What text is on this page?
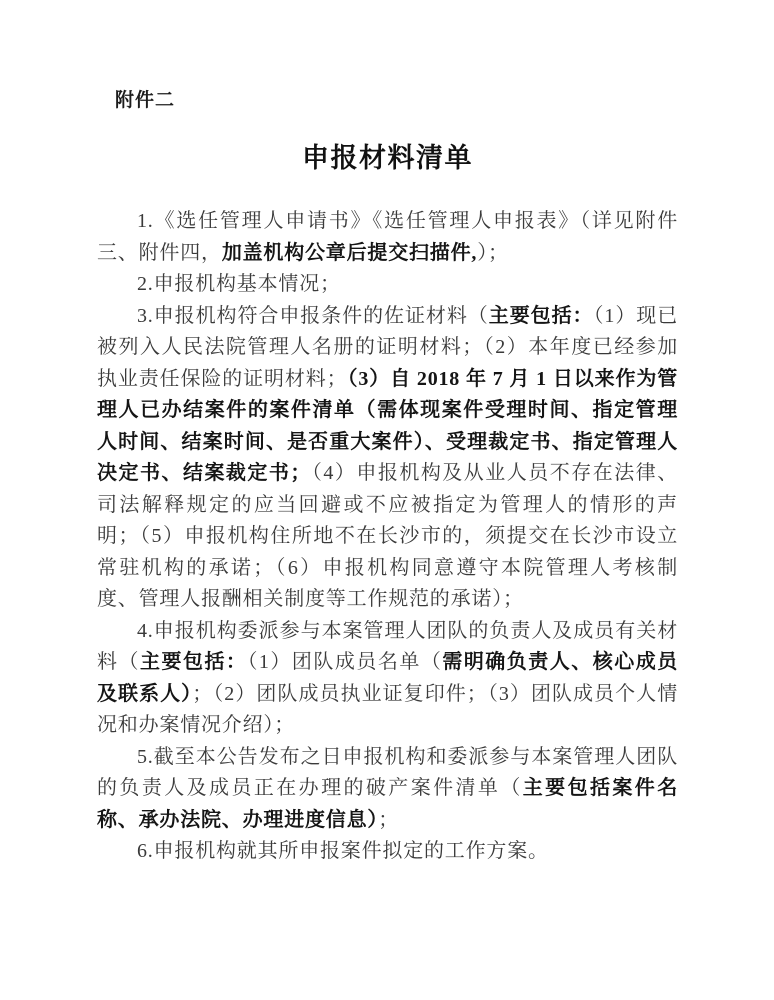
附件二
申报材料清单

1.《选任管理人申请书》《选任管理人申报表》（详见附件三、附件四，加盖机构公章后提交扫描件,）；

2.申报机构基本情况；

3.申报机构符合申报条件的佐证材料（主要包括：（1）现已被列入人民法院管理人名册的证明材料；（2）本年度已经参加执业责任保险的证明材料；（3）自 2018 年 7 月 1 日以来作为管理人已办结案件的案件清单（需体现案件受理时间、指定管理人时间、结案时间、是否重大案件）、受理裁定书、指定管理人决定书、结案裁定书；（4）申报机构及从业人员不存在法律、司法解释规定的应当回避或不应被指定为管理人的情形的声明；（5）申报机构住所地不在长沙市的，须提交在长沙市设立常驻机构的承诺；（6）申报机构同意遵守本院管理人考核制度、管理人报酬相关制度等工作规范的承诺）；

4.申报机构委派参与本案管理人团队的负责人及成员有关材料（主要包括：（1）团队成员名单（需明确负责人、核心成员及联系人）；（2）团队成员执业证复印件；（3）团队成员个人情况和办案情况介绍）；

5.截至本公告发布之日申报机构和委派参与本案管理人团队的负责人及成员正在办理的破产案件清单（主要包括案件名称、承办法院、办理进度信息）；

6.申报机构就其所申报案件拟定的工作方案。
